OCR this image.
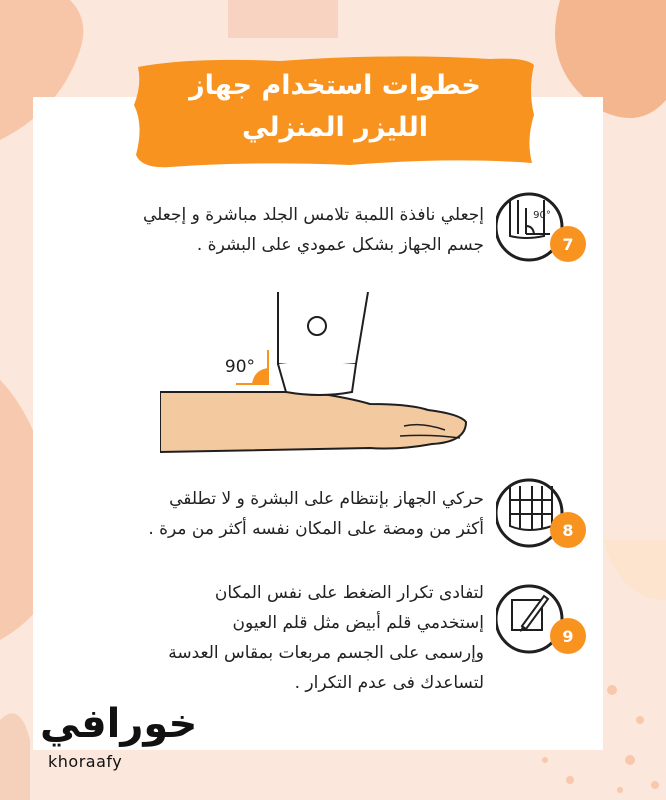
خطوات استخدام جهاز
الليزر المنزلي
90°
7
إجعلي نافذة اللمبة تلامس الجلد مباشرة و إجعلي
جسم الجهاز بشكل عمودي على البشرة .
90°
8
حركي الجهاز بإنتظام على البشرة و لا تطلقي
أكثر من ومضة على المكان نفسه أكثر من مرة .
9
لتفادى تكرار الضغط على نفس المكان
إستخدمي قلم أبيض مثل قلم العيون
وإرسمى على الجسم مربعات بمقاس العدسة
لتساعدك فى عدم التكرار .
خورافي
khoraafy
